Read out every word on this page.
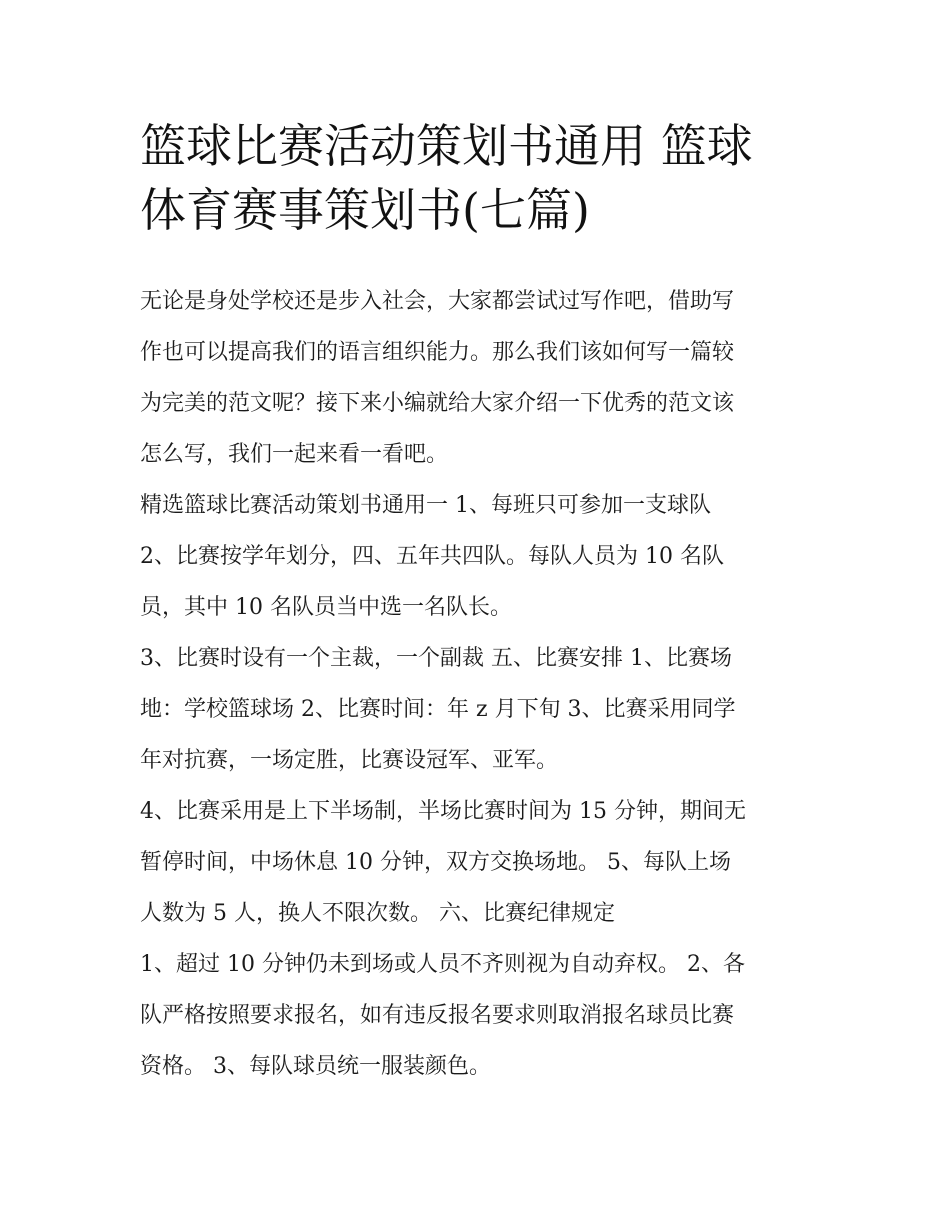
篮球比赛活动策划书通用 篮球
体育赛事策划书(七篇)
无论是身处学校还是步入社会，大家都尝试过写作吧，借助写
作也可以提高我们的语言组织能力。那么我们该如何写一篇较
为完美的范文呢？接下来小编就给大家介绍一下优秀的范文该
怎么写，我们一起来看一看吧。
精选篮球比赛活动策划书通用一 1、每班只可参加一支球队
2、比赛按学年划分，四、五年共四队。每队人员为 10 名队
员，其中 10 名队员当中选一名队长。
3、比赛时设有一个主裁，一个副裁 五、比赛安排 1、比赛场
地：学校篮球场 2、比赛时间：年 z 月下旬 3、比赛采用同学
年对抗赛，一场定胜，比赛设冠军、亚军。
4、比赛采用是上下半场制，半场比赛时间为 15 分钟，期间无
暂停时间，中场休息 10 分钟，双方交换场地。 5、每队上场
人数为 5 人，换人不限次数。 六、比赛纪律规定
1、超过 10 分钟仍未到场或人员不齐则视为自动弃权。 2、各
队严格按照要求报名，如有违反报名要求则取消报名球员比赛
资格。 3、每队球员统一服装颜色。
